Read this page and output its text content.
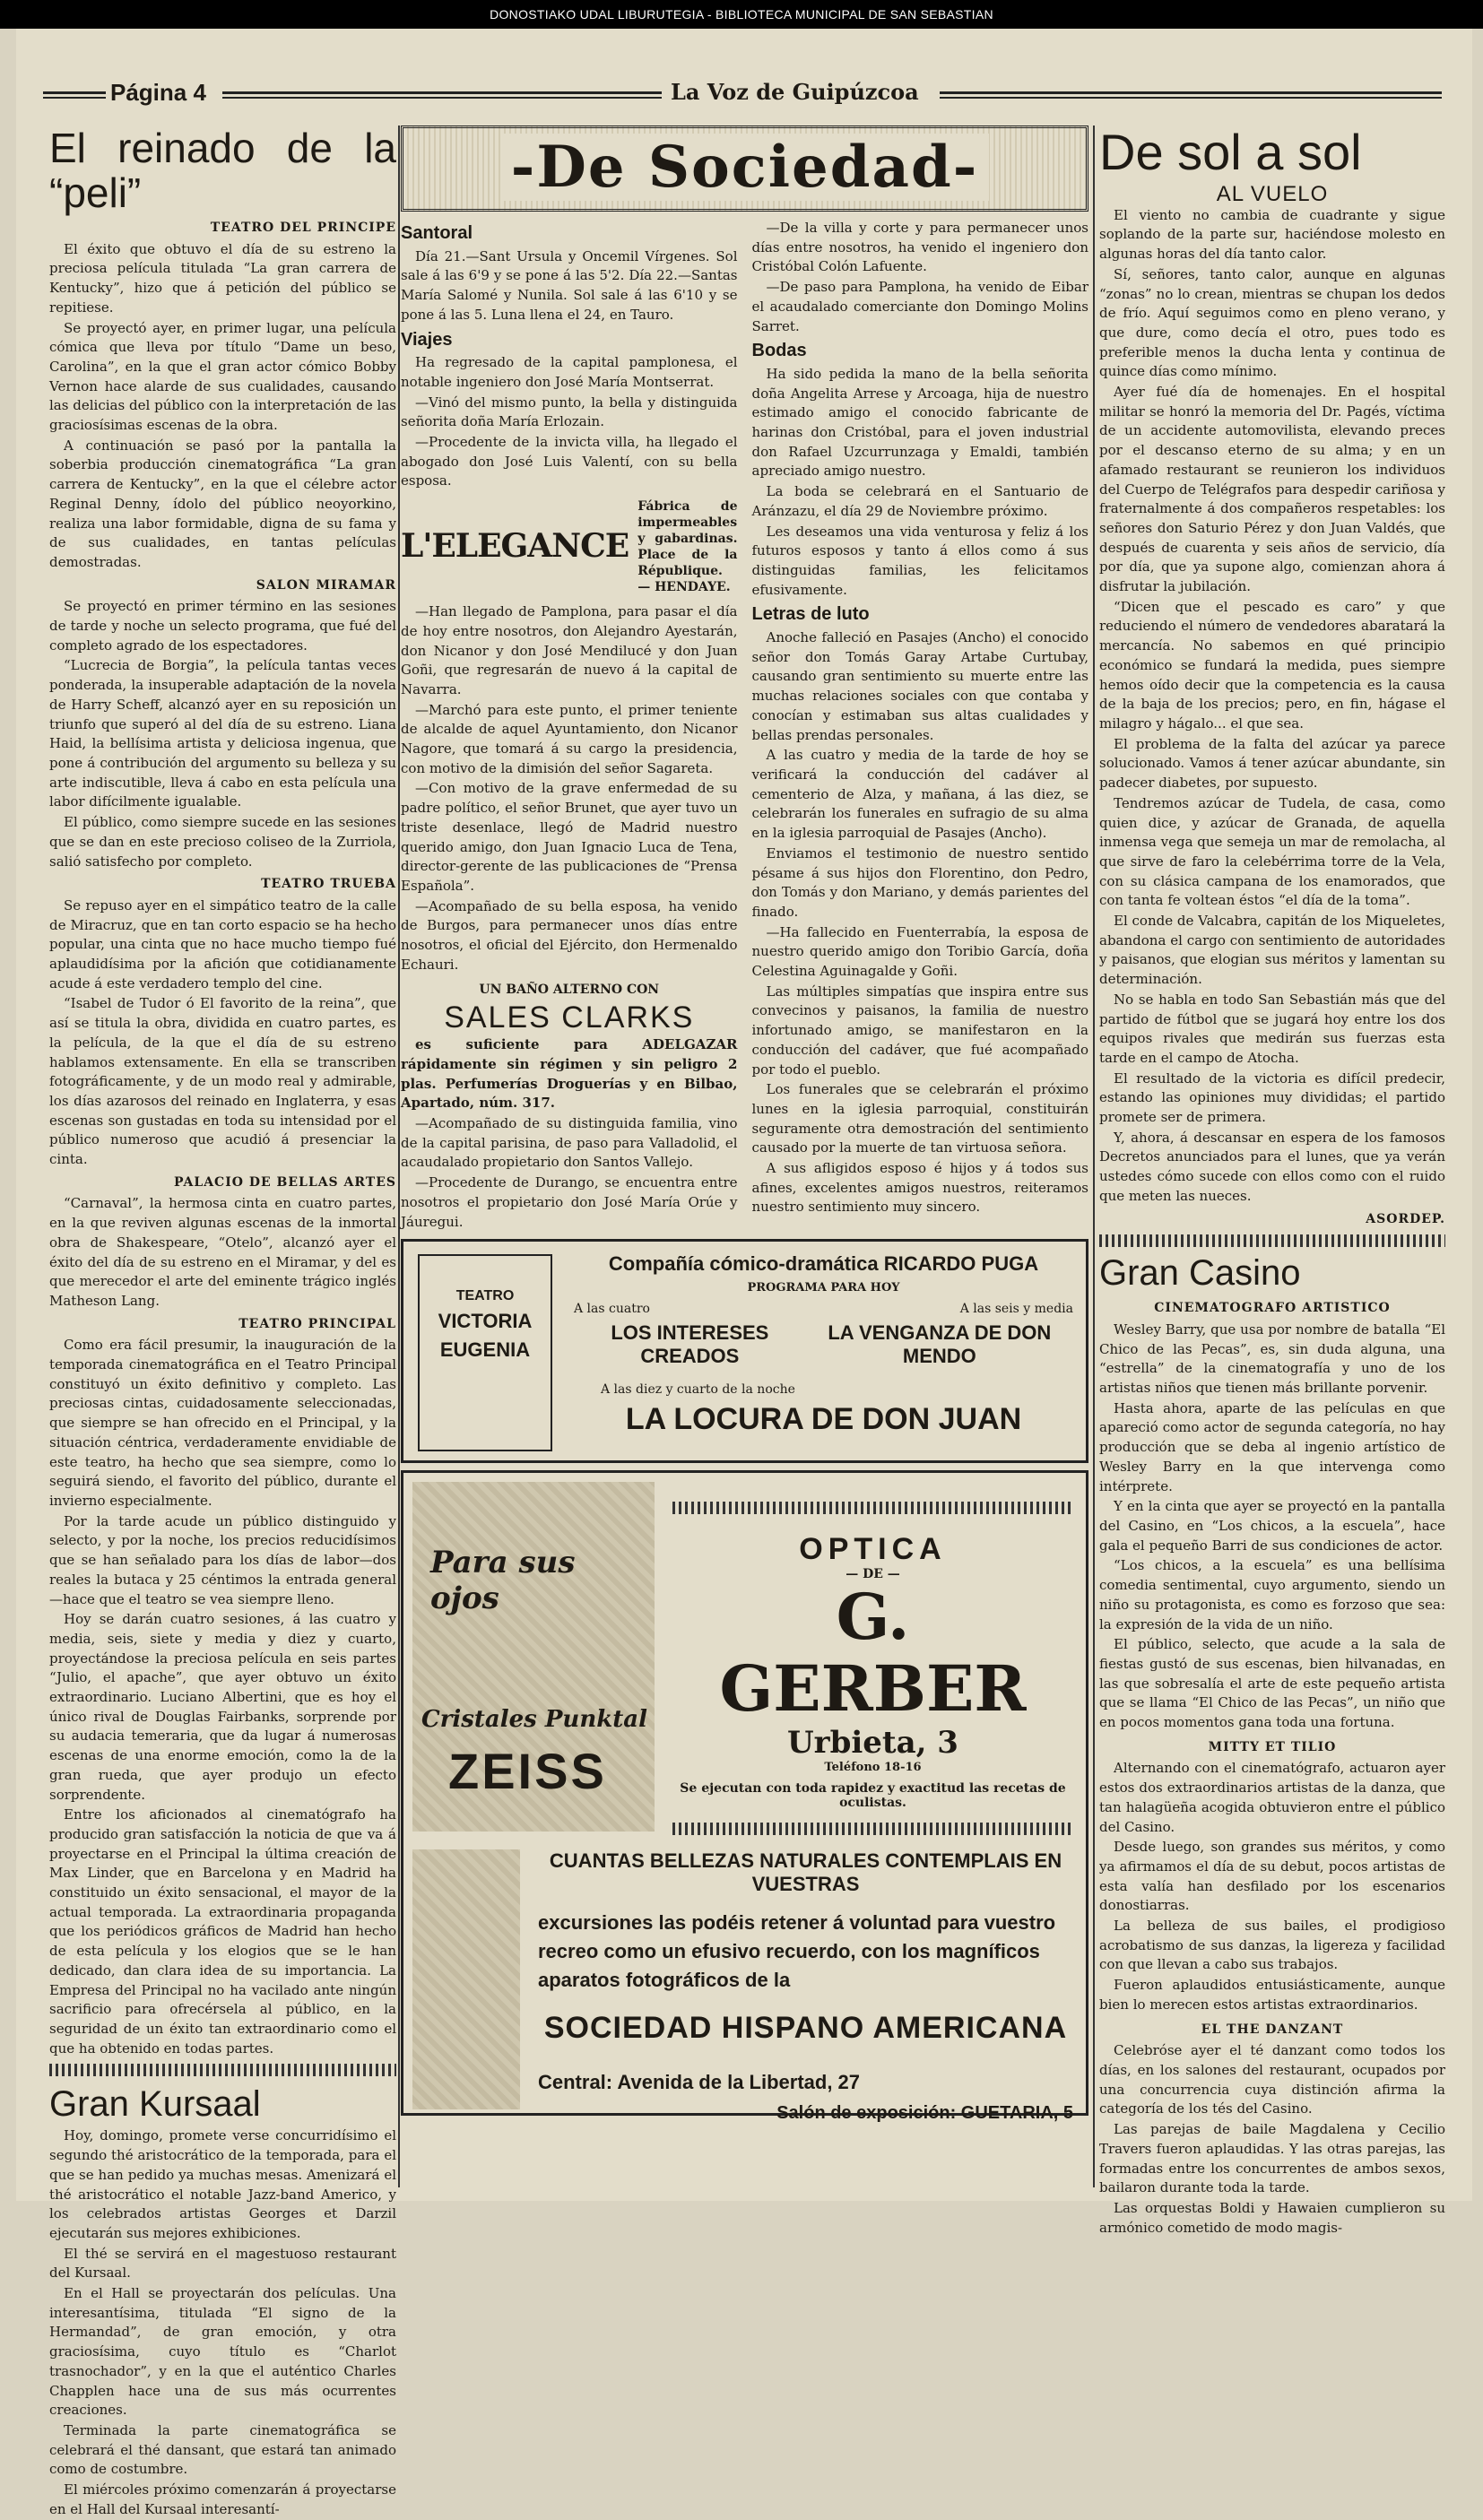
DONOSTIAKO UDAL LIBURUTEGIA - BIBLIOTECA MUNICIPAL DE SAN SEBASTIAN
Página 4	La Voz de Guipúzcoa
El reinado de la “peli”
TEATRO DEL PRINCIPE

El éxito que obtuvo el día de su estreno la preciosa película titulada “La gran carrera de Kentucky”, hizo que á petición del público se repitiese.

Se proyectó ayer, en primer lugar, una película cómica que lleva por título “Dame un beso, Carolina”, en la que el gran actor cómico Bobby Vernon hace alarde de sus cualidades, causando las delicias del público con la interpretación de las graciosísimas escenas de la obra.

A continuación se pasó por la pantalla la soberbia producción cinematográfica “La gran carrera de Kentucky”, en la que el célebre actor Reginal Denny, ídolo del público neoyorkino, realiza una labor formidable, digna de su fama y de sus cualidades, en tantas películas demostradas.

SALON MIRAMAR

Se proyectó en primer término en las sesiones de tarde y noche un selecto programa, que fué del completo agrado de los espectadores.

“Lucrecia de Borgia”, la película tantas veces ponderada, la insuperable adaptación de la novela de Harry Scheff, alcanzó ayer en su reposición un triunfo que superó al del día de su estreno. Liana Haid, la bellísima artista y deliciosa ingenua, que pone á contribución del argumento su belleza y su arte indiscutible, lleva á cabo en esta película una labor difícilmente igualable.

El público, como siempre sucede en las sesiones que se dan en este precioso coliseo de la Zurriola, salió satisfecho por completo.

TEATRO TRUEBA

Se repuso ayer en el simpático teatro de la calle de Miracruz, que en tan corto espacio se ha hecho popular, una cinta que no hace mucho tiempo fué aplaudidísima por la afición que cotidianamente acude á este verdadero templo del cine.

“Isabel de Tudor ó El favorito de la reina”, que así se titula la obra, dividida en cuatro partes, es la película, de la que el día de su estreno hablamos extensamente. En ella se transcriben fotográficamente, y de un modo real y admirable, los días azarosos del reinado en Inglaterra, y esas escenas son gustadas en toda su intensidad por el público numeroso que acudió á presenciar la cinta.

PALACIO DE BELLAS ARTES

“Carnaval”, la hermosa cinta en cuatro partes, en la que reviven algunas escenas de la inmortal obra de Shakespeare, “Otelo”, alcanzó ayer el éxito del día de su estreno en el Miramar, y del es que merecedor el arte del eminente trágico inglés Matheson Lang.

TEATRO PRINCIPAL

Como era fácil presumir, la inauguración de la temporada cinematográfica en el Teatro Principal constituyó un éxito definitivo y completo. Las preciosas cintas, cuidadosamente seleccionadas, que siempre se han ofrecido en el Principal, y la situación céntrica, verdaderamente envidiable de este teatro, ha hecho que sea siempre, como lo seguirá siendo, el favorito del público, durante el invierno especialmente.

Por la tarde acude un público distinguido y selecto, y por la noche, los precios reducidísimos que se han señalado para los días de labor—dos reales la butaca y 25 céntimos la entrada general—hace que el teatro se vea siempre lleno.

Hoy se darán cuatro sesiones, á las cuatro y media, seis, siete y media y diez y cuarto, proyectándose la preciosa película en seis partes “Julio, el apache”, que ayer obtuvo un éxito extraordinario. Luciano Albertini, que es hoy el único rival de Douglas Fairbanks, sorprende por su audacia temeraria, que da lugar á numerosas escenas de una enorme emoción, como la de la gran rueda, que ayer produjo un efecto sorprendente.

Entre los aficionados al cinematógrafo ha producido gran satisfacción la noticia de que va á proyectarse en el Principal la última creación de Max Linder, que en Barcelona y en Madrid ha constituido un éxito sensacional, el mayor de la actual temporada. La extraordinaria propaganda que los periódicos gráficos de Madrid han hecho de esta película y los elogios que se le han dedicado, dan clara idea de su importancia. La Empresa del Principal no ha vacilado ante ningún sacrificio para ofrecérsela al público, en la seguridad de un éxito tan extraordinario como el que ha obtenido en todas partes.

Gran Kursaal

Hoy, domingo, promete verse concurridísimo el segundo thé aristocrático de la temporada, para el que se han pedido ya muchas mesas. Amenizará el thé aristocrático el notable Jazz-band Americo, y los celebrados artistas Georges et Darzil ejecutarán sus mejores exhibiciones.

El thé se servirá en el magestuoso restaurant del Kursaal.

En el Hall se proyectarán dos películas. Una interesantísima, titulada “El signo de la Hermandad”, de gran emoción, y otra graciosísima, cuyo título es “Charlot trasnochador”, y en la que el auténtico Charles Chapplen hace una de sus más ocurrentes creaciones.

Terminada la parte cinematográfica se celebrará el thé dansant, que estará tan animado como de costumbre.

El miércoles próximo comenzarán á proyectarse en el Hall del Kursaal interesantí-

-De Sociedad-
Santoral

Día 21.—Sant Ursula y Oncemil Vírgenes. Sol sale á las 6'9 y se pone á las 5'2. Día 22.—Santas María Salomé y Nunila. Sol sale á las 6'10 y se pone á las 5. Luna llena el 24, en Tauro.

Viajes

Ha regresado de la capital pamplonesa, el notable ingeniero don José María Montserrat.

—Vinó del mismo punto, la bella y distinguida señorita doña María Erlozain.

—Procedente de la invicta villa, ha llegado el abogado don José Luis Valentí, con su bella esposa.

L'ELEGANCE
Fábrica de impermeables y gabardinas. Place de la République. — HENDAYE.

—Han llegado de Pamplona, para pasar el día de hoy entre nosotros, don Alejandro Ayestarán, don Nicanor y don José Mendilucé y don Juan Goñi, que regresarán de nuevo á la capital de Navarra.

—Marchó para este punto, el primer teniente de alcalde de aquel Ayuntamiento, don Nicanor Nagore, que tomará á su cargo la presidencia, con motivo de la dimisión del señor Sagareta.

—Con motivo de la grave enfermedad de su padre político, el señor Brunet, que ayer tuvo un triste desenlace, llegó de Madrid nuestro querido amigo, don Juan Ignacio Luca de Tena, director-gerente de las publicaciones de “Prensa Española”.

—Acompañado de su bella esposa, ha venido de Burgos, para permanecer unos días entre nosotros, el oficial del Ejército, don Hermenaldo Echauri.

UN BAÑO ALTERNO CON
SALES CLARKS

es suficiente para ADELGAZAR rápidamente sin régimen y sin peligro 2 plas. Perfumerías Droguerías y en Bilbao, Apartado, núm. 317.

—Acompañado de su distinguida familia, vino de la capital parisina, de paso para Valladolid, el acaudalado propietario don Santos Vallejo.

—Procedente de Durango, se encuentra entre nosotros el propietario don José María Orúe y Jáuregui.

—De la villa y corte y para permanecer unos días entre nosotros, ha venido el ingeniero don Cristóbal Colón Lafuente.

—De paso para Pamplona, ha venido de Eibar el acaudalado comerciante don Domingo Molins Sarret.

Bodas

Ha sido pedida la mano de la bella señorita doña Angelita Arrese y Arcoaga, hija de nuestro estimado amigo el conocido fabricante de harinas don Cristóbal, para el joven industrial don Rafael Uzcurrunzaga y Emaldi, también apreciado amigo nuestro.

La boda se celebrará en el Santuario de Aránzazu, el día 29 de Noviembre próximo.

Les deseamos una vida venturosa y feliz á los futuros esposos y tanto á ellos como á sus distinguidas familias, les felicitamos efusivamente.

Letras de luto

Anoche falleció en Pasajes (Ancho) el conocido señor don Tomás Garay Artabe Curtubay, causando gran sentimiento su muerte entre las muchas relaciones sociales con que contaba y conocían y estimaban sus altas cualidades y bellas prendas personales.

A las cuatro y media de la tarde de hoy se verificará la conducción del cadáver al cementerio de Alza, y mañana, á las diez, se celebrarán los funerales en sufragio de su alma en la iglesia parroquial de Pasajes (Ancho).

Enviamos el testimonio de nuestro sentido pésame á sus hijos don Florentino, don Pedro, don Tomás y don Mariano, y demás parientes del finado.

—Ha fallecido en Fuenterrabía, la esposa de nuestro querido amigo don Toribio García, doña Celestina Aguinagalde y Goñi.

Las múltiples simpatías que inspira entre sus convecinos y paisanos, la familia de nuestro infortunado amigo, se manifestaron en la conducción del cadáver, que fué acompañado por todo el pueblo.

Los funerales que se celebrarán el próximo lunes en la iglesia parroquial, constituirán seguramente otra demostración del sentimiento causado por la muerte de tan virtuosa señora.

A sus afligidos esposo é hijos y á todos sus afines, excelentes amigos nuestros, reiteramos nuestro sentimiento muy sincero.

TEATRO
VICTORIA
EUGENIA
Compañía cómico-dramática RICARDO PUGA
PROGRAMA PARA HOY
A las cuatro	A las seis y media
LOS INTERESES CREADOS
LA VENGANZA DE DON MENDO
A las diez y cuarto de la noche
LA LOCURA DE DON JUAN
Para sus ojos
Cristales Punktal
ZEISS
OPTICA
— DE —
G. GERBER
Urbieta, 3
Teléfono 18-16
Se ejecutan con toda rapidez y exactitud las recetas de oculistas.
CUANTAS BELLEZAS NATURALES CONTEMPLAIS EN VUESTRAS
excursiones las podéis retener á voluntad para vuestro recreo como un efusivo recuerdo, con los magníficos aparatos fotográficos de la
SOCIEDAD HISPANO AMERICANA
Central: Avenida de la Libertad, 27
Salón de exposición: GUETARIA, 5
De sol a sol
AL VUELO

El viento no cambia de cuadrante y sigue soplando de la parte sur, haciéndose molesto en algunas horas del día tanto calor.

Sí, señores, tanto calor, aunque en algunas “zonas” no lo crean, mientras se chupan los dedos de frío. Aquí seguimos como en pleno verano, y que dure, como decía el otro, pues todo es preferible menos la ducha lenta y continua de quince días como mínimo.

Ayer fué día de homenajes. En el hospital militar se honró la memoria del Dr. Pagés, víctima de un accidente automovilista, elevando preces por el descanso eterno de su alma; y en un afamado restaurant se reunieron los individuos del Cuerpo de Telégrafos para despedir cariñosa y fraternalmente á dos compañeros respetables: los señores don Saturio Pérez y don Juan Valdés, que después de cuarenta y seis años de servicio, día por día, que ya supone algo, comienzan ahora á disfrutar la jubilación.

“Dicen que el pescado es caro” y que reduciendo el número de vendedores abaratará la mercancía. No sabemos en qué principio económico se fundará la medida, pues siempre hemos oído decir que la competencia es la causa de la baja de los precios; pero, en fin, hágase el milagro y hágalo... el que sea.

El problema de la falta del azúcar ya parece solucionado. Vamos á tener azúcar abundante, sin padecer diabetes, por supuesto.

Tendremos azúcar de Tudela, de casa, como quien dice, y azúcar de Granada, de aquella inmensa vega que semeja un mar de remolacha, al que sirve de faro la celebérrima torre de la Vela, con su clásica campana de los enamorados, que con tanta fe voltean éstos “el día de la toma”.

El conde de Valcabra, capitán de los Miqueletes, abandona el cargo con sentimiento de autoridades y paisanos, que elogian sus méritos y lamentan su determinación.

No se habla en todo San Sebastián más que del partido de fútbol que se jugará hoy entre los dos equipos rivales que medirán sus fuerzas esta tarde en el campo de Atocha.

El resultado de la victoria es difícil predecir, estando las opiniones muy divididas; el partido promete ser de primera.

Y, ahora, á descansar en espera de los famosos Decretos anunciados para el lunes, que ya verán ustedes cómo sucede con ellos como con el ruido que meten las nueces.

ASORDEP.
Gran Casino
CINEMATOGRAFO ARTISTICO

Wesley Barry, que usa por nombre de batalla “El Chico de las Pecas”, es, sin duda alguna, una “estrella” de la cinematografía y uno de los artistas niños que tienen más brillante porvenir.

Hasta ahora, aparte de las películas en que apareció como actor de segunda categoría, no hay producción que se deba al ingenio artístico de Wesley Barry en la que intervenga como intérprete.

Y en la cinta que ayer se proyectó en la pantalla del Casino, en “Los chicos, a la escuela”, hace gala el pequeño Barri de sus condiciones de actor.

“Los chicos, a la escuela” es una bellísima comedia sentimental, cuyo argumento, siendo un niño su protagonista, es como es forzoso que sea: la expresión de la vida de un niño.

El público, selecto, que acude a la sala de fiestas gustó de sus escenas, bien hilvanadas, en las que sobresalía el arte de este pequeño artista que se llama “El Chico de las Pecas”, un niño que en pocos momentos gana toda una fortuna.

MITTY ET TILIO

Alternando con el cinematógrafo, actuaron ayer estos dos extraordinarios artistas de la danza, que tan halagüeña acogida obtuvieron entre el público del Casino.

Desde luego, son grandes sus méritos, y como ya afirmamos el día de su debut, pocos artistas de esta valía han desfilado por los escenarios donostiarras.

La belleza de sus bailes, el prodigioso acrobatismo de sus danzas, la ligereza y facilidad con que llevan a cabo sus trabajos.

Fueron aplaudidos entusiásticamente, aunque bien lo merecen estos artistas extraordinarios.

EL THE DANZANT

Celebróse ayer el té danzant como todos los días, en los salones del restaurant, ocupados por una concurrencia cuya distinción afirma la categoría de los tés del Casino.

Las parejas de baile Magdalena y Cecilio Travers fueron aplaudidas. Y las otras parejas, las formadas entre los concurrentes de ambos sexos, bailaron durante toda la tarde.

Las orquestas Boldi y Hawaien cumplieron su armónico cometido de modo magis-
